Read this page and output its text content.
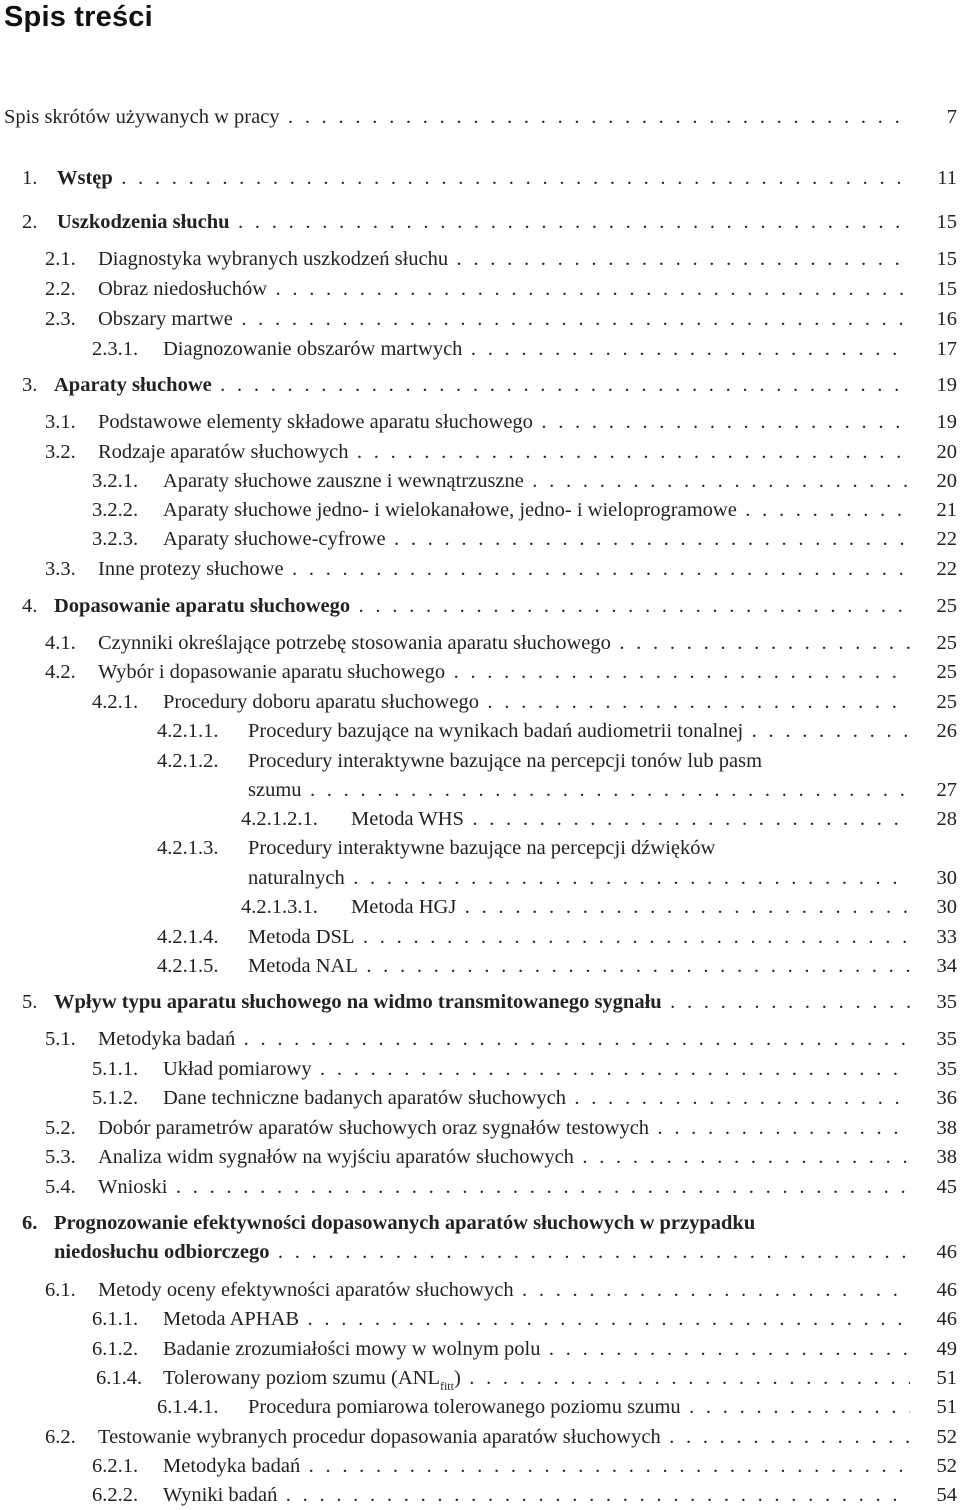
Spis treści
Spis skrótów używanych w pracy . . .	7
1. Wstęp . . .	11
2. Uszkodzenia słuchu . . .	15
2.1. Diagnostyka wybranych uszkodzeń słuchu . . .	15
2.2. Obraz niedosłuchów . . .	15
2.3. Obszary martwe . . .	16
2.3.1. Diagnozowanie obszarów martwych . . .	17
3. Aparaty słuchowe . . .	19
3.1. Podstawowe elementy składowe aparatu słuchowego . . .	19
3.2. Rodzaje aparatów słuchowych . . .	20
3.2.1. Aparaty słuchowe zauszne i wewnątrzuszne . . .	20
3.2.2. Aparaty słuchowe jedno- i wielokanałowe, jedno- i wieloprogramowe . . .	21
3.2.3. Aparaty słuchowe-cyfrowe . . .	22
3.3. Inne protezy słuchowe . . .	22
4. Dopasowanie aparatu słuchowego . . .	25
4.1. Czynniki określające potrzebę stosowania aparatu słuchowego . . .	25
4.2. Wybór i dopasowanie aparatu słuchowego . . .	25
4.2.1. Procedury doboru aparatu słuchowego . . .	25
4.2.1.1. Procedury bazujące na wynikach badań audiometrii tonalnej . . .	26
4.2.1.2. Procedury interaktywne bazujące na percepcji tonów lub pasm
szumu . . .	27
4.2.1.2.1. Metoda WHS . . .	28
4.2.1.3. Procedury interaktywne bazujące na percepcji dźwięków
naturalnych . . .	30
4.2.1.3.1. Metoda HGJ . . .	30
4.2.1.4. Metoda DSL . . .	33
4.2.1.5. Metoda NAL . . .	34
5. Wpływ typu aparatu słuchowego na widmo transmitowanego sygnału . . .	35
5.1. Metodyka badań . . .	35
5.1.1. Układ pomiarowy . . .	35
5.1.2. Dane techniczne badanych aparatów słuchowych . . .	36
5.2. Dobór parametrów aparatów słuchowych oraz sygnałów testowych . . .	38
5.3. Analiza widm sygnałów na wyjściu aparatów słuchowych . . .	38
5.4. Wnioski . . .	45
6. Prognozowanie efektywności dopasowanych aparatów słuchowych w przypadku
niedosłuchu odbiorczego . . .	46
6.1. Metody oceny efektywności aparatów słuchowych . . .	46
6.1.1. Metoda APHAB . . .	46
6.1.2. Badanie zrozumiałości mowy w wolnym polu . . .	49
6.1.4. Tolerowany poziom szumu $(ANL_{fitt})$ . . .	51
6.1.4.1. Procedura pomiarowa tolerowanego poziomu szumu . . .	51
6.2. Testowanie wybranych procedur dopasowania aparatów słuchowych . . .	52
6.2.1. Metodyka badań . . .	52
6.2.2. Wyniki badań . . .	54
